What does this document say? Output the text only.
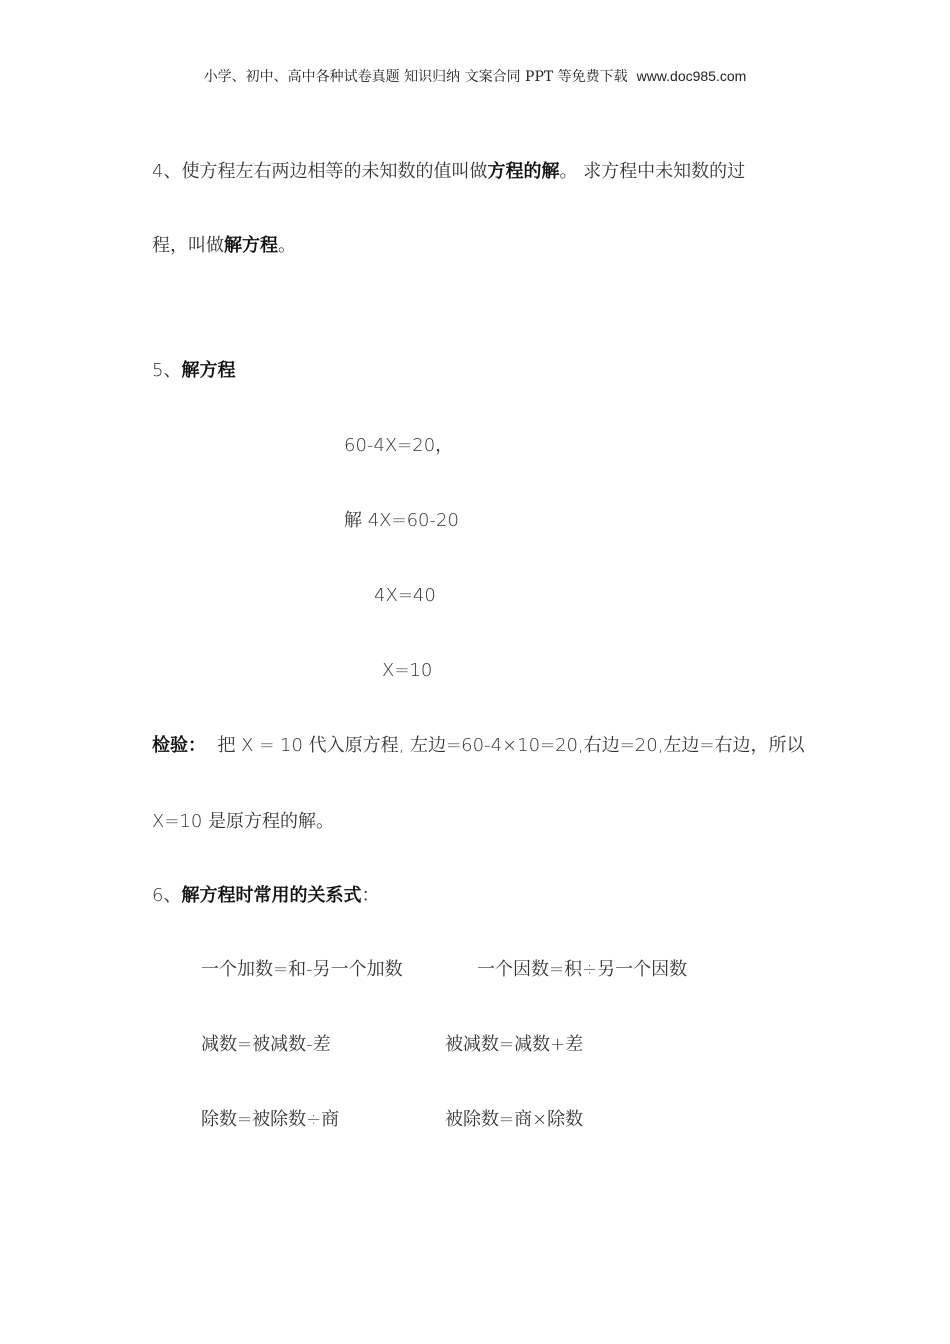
小学、初中、高中各种试卷真题 知识归纳 文案合同 PPT 等免费下载 www.doc985.com
4、使方程左右两边相等的未知数的值叫做方程的解。 求方程中未知数的过
程，叫做解方程。
5、解方程
60-4X=20，
解 4X=60-20
4X=40
X=10
检验： 把 X = 10 代入原方程, 左边=60-4×10=20,右边=20,左边=右边，所以
X=10 是原方程的解。
6、解方程时常用的关系式：
一个加数=和-另一个加数	一个因数=积÷另一个因数
减数=被减数-差	被减数=减数+差
除数=被除数÷商	被除数=商×除数
